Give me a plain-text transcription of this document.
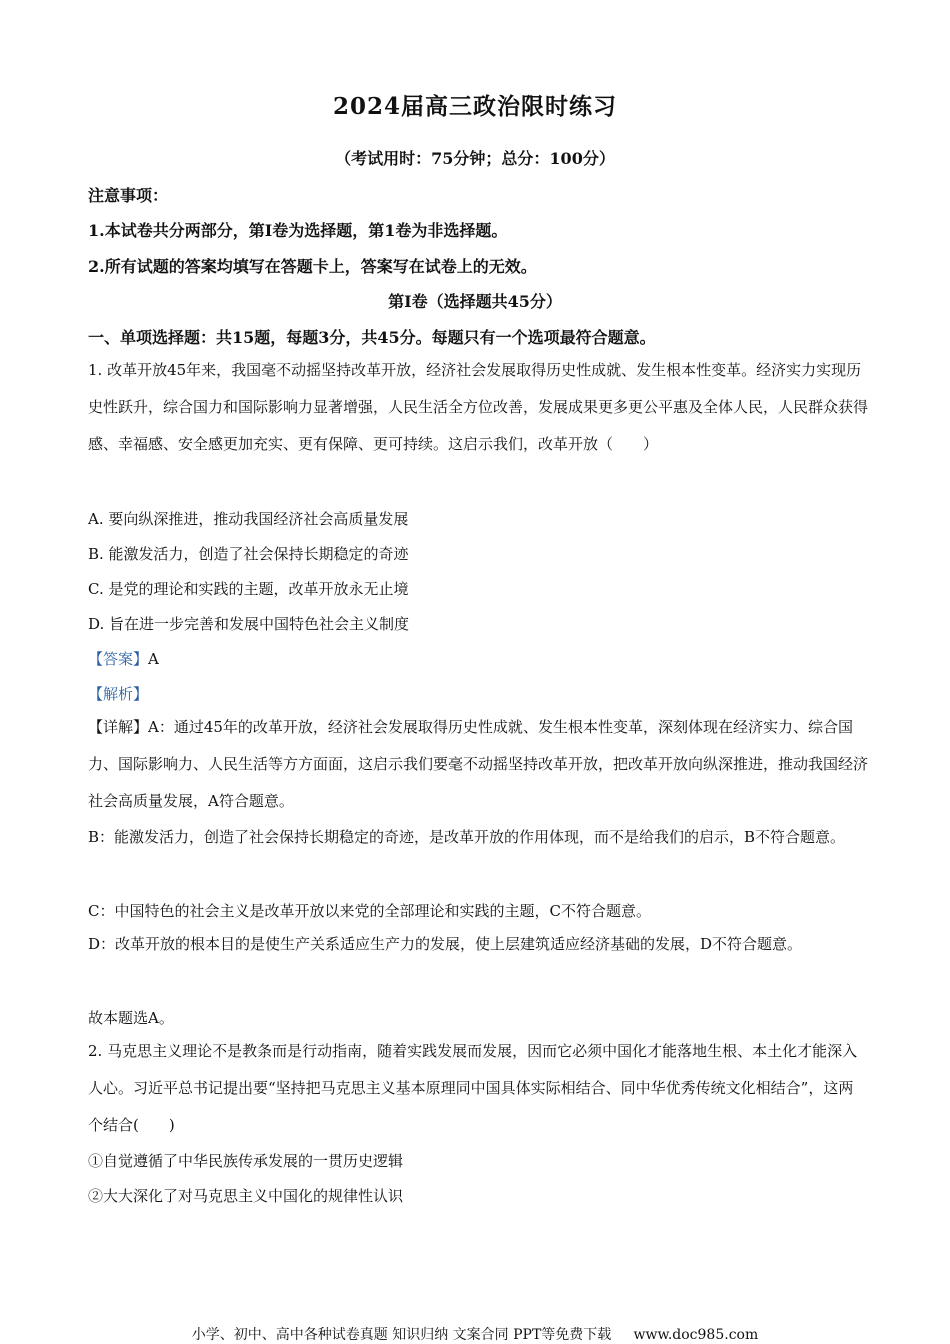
2024届高三政治限时练习
（考试用时：75分钟；总分：100分）
注意事项：
1.本试卷共分两部分，第Ⅰ卷为选择题，第1卷为非选择题。
2.所有试题的答案均填写在答题卡上，答案写在试卷上的无效。
第Ⅰ卷（选择题共45分）
一、单项选择题：共15题，每题3分，共45分。每题只有一个选项最符合题意。
1. 改革开放45年来，我国毫不动摇坚持改革开放，经济社会发展取得历史性成就、发生根本性变革。经济实力实现历史性跃升，综合国力和国际影响力显著增强，人民生活全方位改善，发展成果更多更公平惠及全体人民，人民群众获得感、幸福感、安全感更加充实、更有保障、更可持续。这启示我们，改革开放（　　）
A. 要向纵深推进，推动我国经济社会高质量发展
B. 能激发活力，创造了社会保持长期稳定的奇迹
C. 是党的理论和实践的主题，改革开放永无止境
D. 旨在进一步完善和发展中国特色社会主义制度
【答案】A
【解析】
【详解】A：通过45年的改革开放，经济社会发展取得历史性成就、发生根本性变革，深刻体现在经济实力、综合国力、国际影响力、人民生活等方方面面，这启示我们要毫不动摇坚持改革开放，把改革开放向纵深推进，推动我国经济社会高质量发展，A符合题意。
B：能激发活力，创造了社会保持长期稳定的奇迹，是改革开放的作用体现，而不是给我们的启示，B不符合题意。
C：中国特色的社会主义是改革开放以来党的全部理论和实践的主题，C不符合题意。
D：改革开放的根本目的是使生产关系适应生产力的发展，使上层建筑适应经济基础的发展，D不符合题意。
故本题选A。
2. 马克思主义理论不是教条而是行动指南，随着实践发展而发展，因而它必须中国化才能落地生根、本土化才能深入人心。习近平总书记提出要“坚持把马克思主义基本原理同中国具体实际相结合、同中华优秀传统文化相结合”，这两个结合(　　)
①自觉遵循了中华民族传承发展的一贯历史逻辑
②大大深化了对马克思主义中国化的规律性认识
小学、初中、高中各种试卷真题 知识归纳 文案合同 PPT等免费下载 www.doc985.com
